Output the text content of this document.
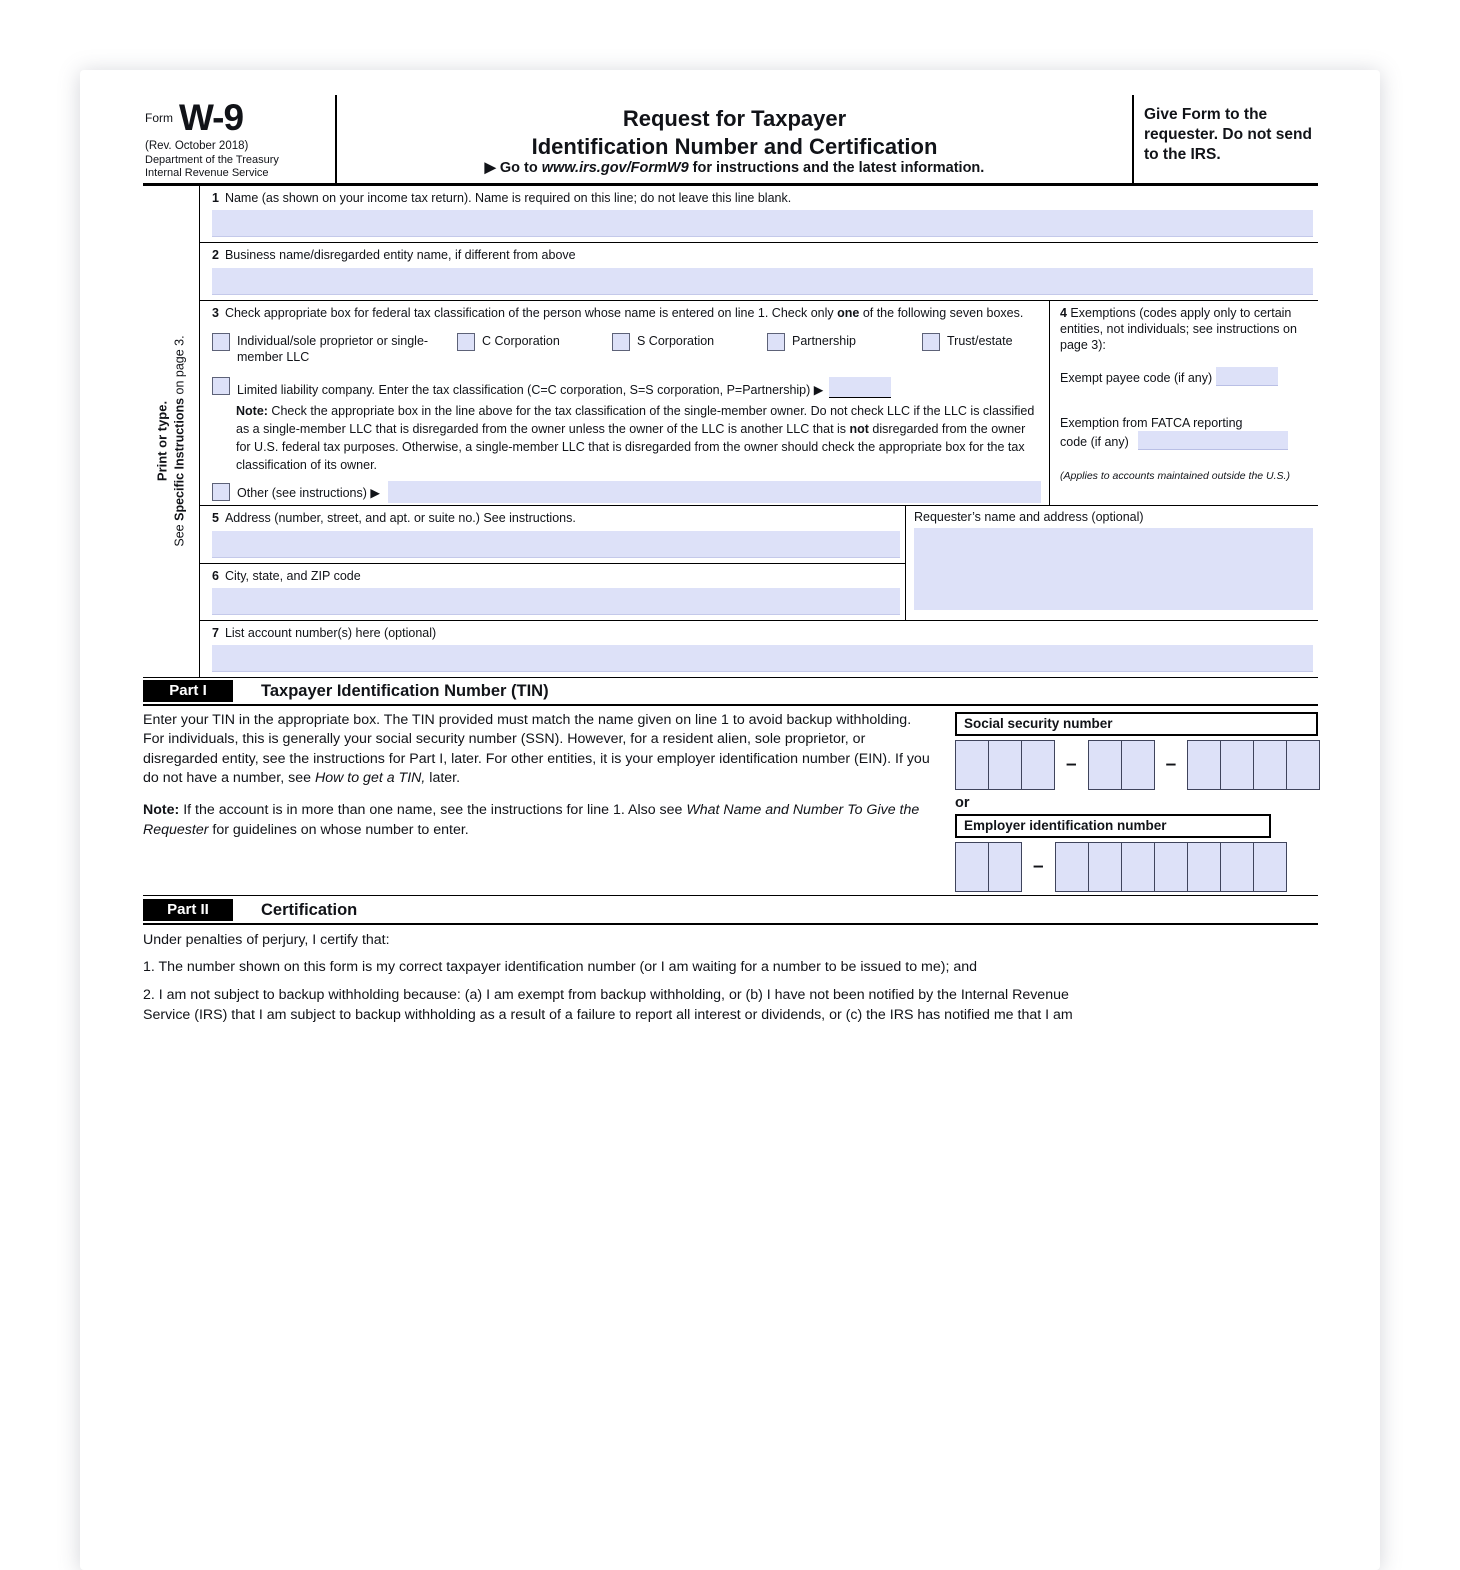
Form W-9
(Rev. October 2018)
Department of the Treasury
Internal Revenue Service
Request for Taxpayer
Identification Number and Certification
▶ Go to www.irs.gov/FormW9 for instructions and the latest information.
Give Form to the requester. Do not send to the IRS.
Print or type.
See Specific Instructions on page 3.
1 Name (as shown on your income tax return). Name is required on this line; do not leave this line blank.
2 Business name/disregarded entity name, if different from above
3 Check appropriate box for federal tax classification of the person whose name is entered on line 1. Check only one of the following seven boxes.
Individual/sole proprietor or single-member LLC
C Corporation	S Corporation	Partnership	Trust/estate
Limited liability company. Enter the tax classification (C=C corporation, S=S corporation, P=Partnership) ▶
Note: Check the appropriate box in the line above for the tax classification of the single-member owner. Do not check LLC if the LLC is classified as a single-member LLC that is disregarded from the owner unless the owner of the LLC is another LLC that is not disregarded from the owner for U.S. federal tax purposes. Otherwise, a single-member LLC that is disregarded from the owner should check the appropriate box for the tax classification of its owner.
Other (see instructions) ▶
4 Exemptions (codes apply only to certain entities, not individuals; see instructions on page 3):
Exempt payee code (if any)
Exemption from FATCA reporting
code (if any)
(Applies to accounts maintained outside the U.S.)
5 Address (number, street, and apt. or suite no.) See instructions.
6 City, state, and ZIP code
Requester’s name and address (optional)
7 List account number(s) here (optional)
Part I	Taxpayer Identification Number (TIN)
Enter your TIN in the appropriate box. The TIN provided must match the name given on line 1 to avoid backup withholding. For individuals, this is generally your social security number (SSN). However, for a resident alien, sole proprietor, or disregarded entity, see the instructions for Part I, later. For other entities, it is your employer identification number (EIN). If you do not have a number, see How to get a TIN, later.
Note: If the account is in more than one name, see the instructions for line 1. Also see What Name and Number To Give the Requester for guidelines on whose number to enter.
Social security number
–	–
or
Employer identification number
–
Part II	Certification
Under penalties of perjury, I certify that:
1. The number shown on this form is my correct taxpayer identification number (or I am waiting for a number to be issued to me); and
2. I am not subject to backup withholding because: (a) I am exempt from backup withholding, or (b) I have not been notified by the Internal Revenue
Service (IRS) that I am subject to backup withholding as a result of a failure to report all interest or dividends, or (c) the IRS has notified me that I am
